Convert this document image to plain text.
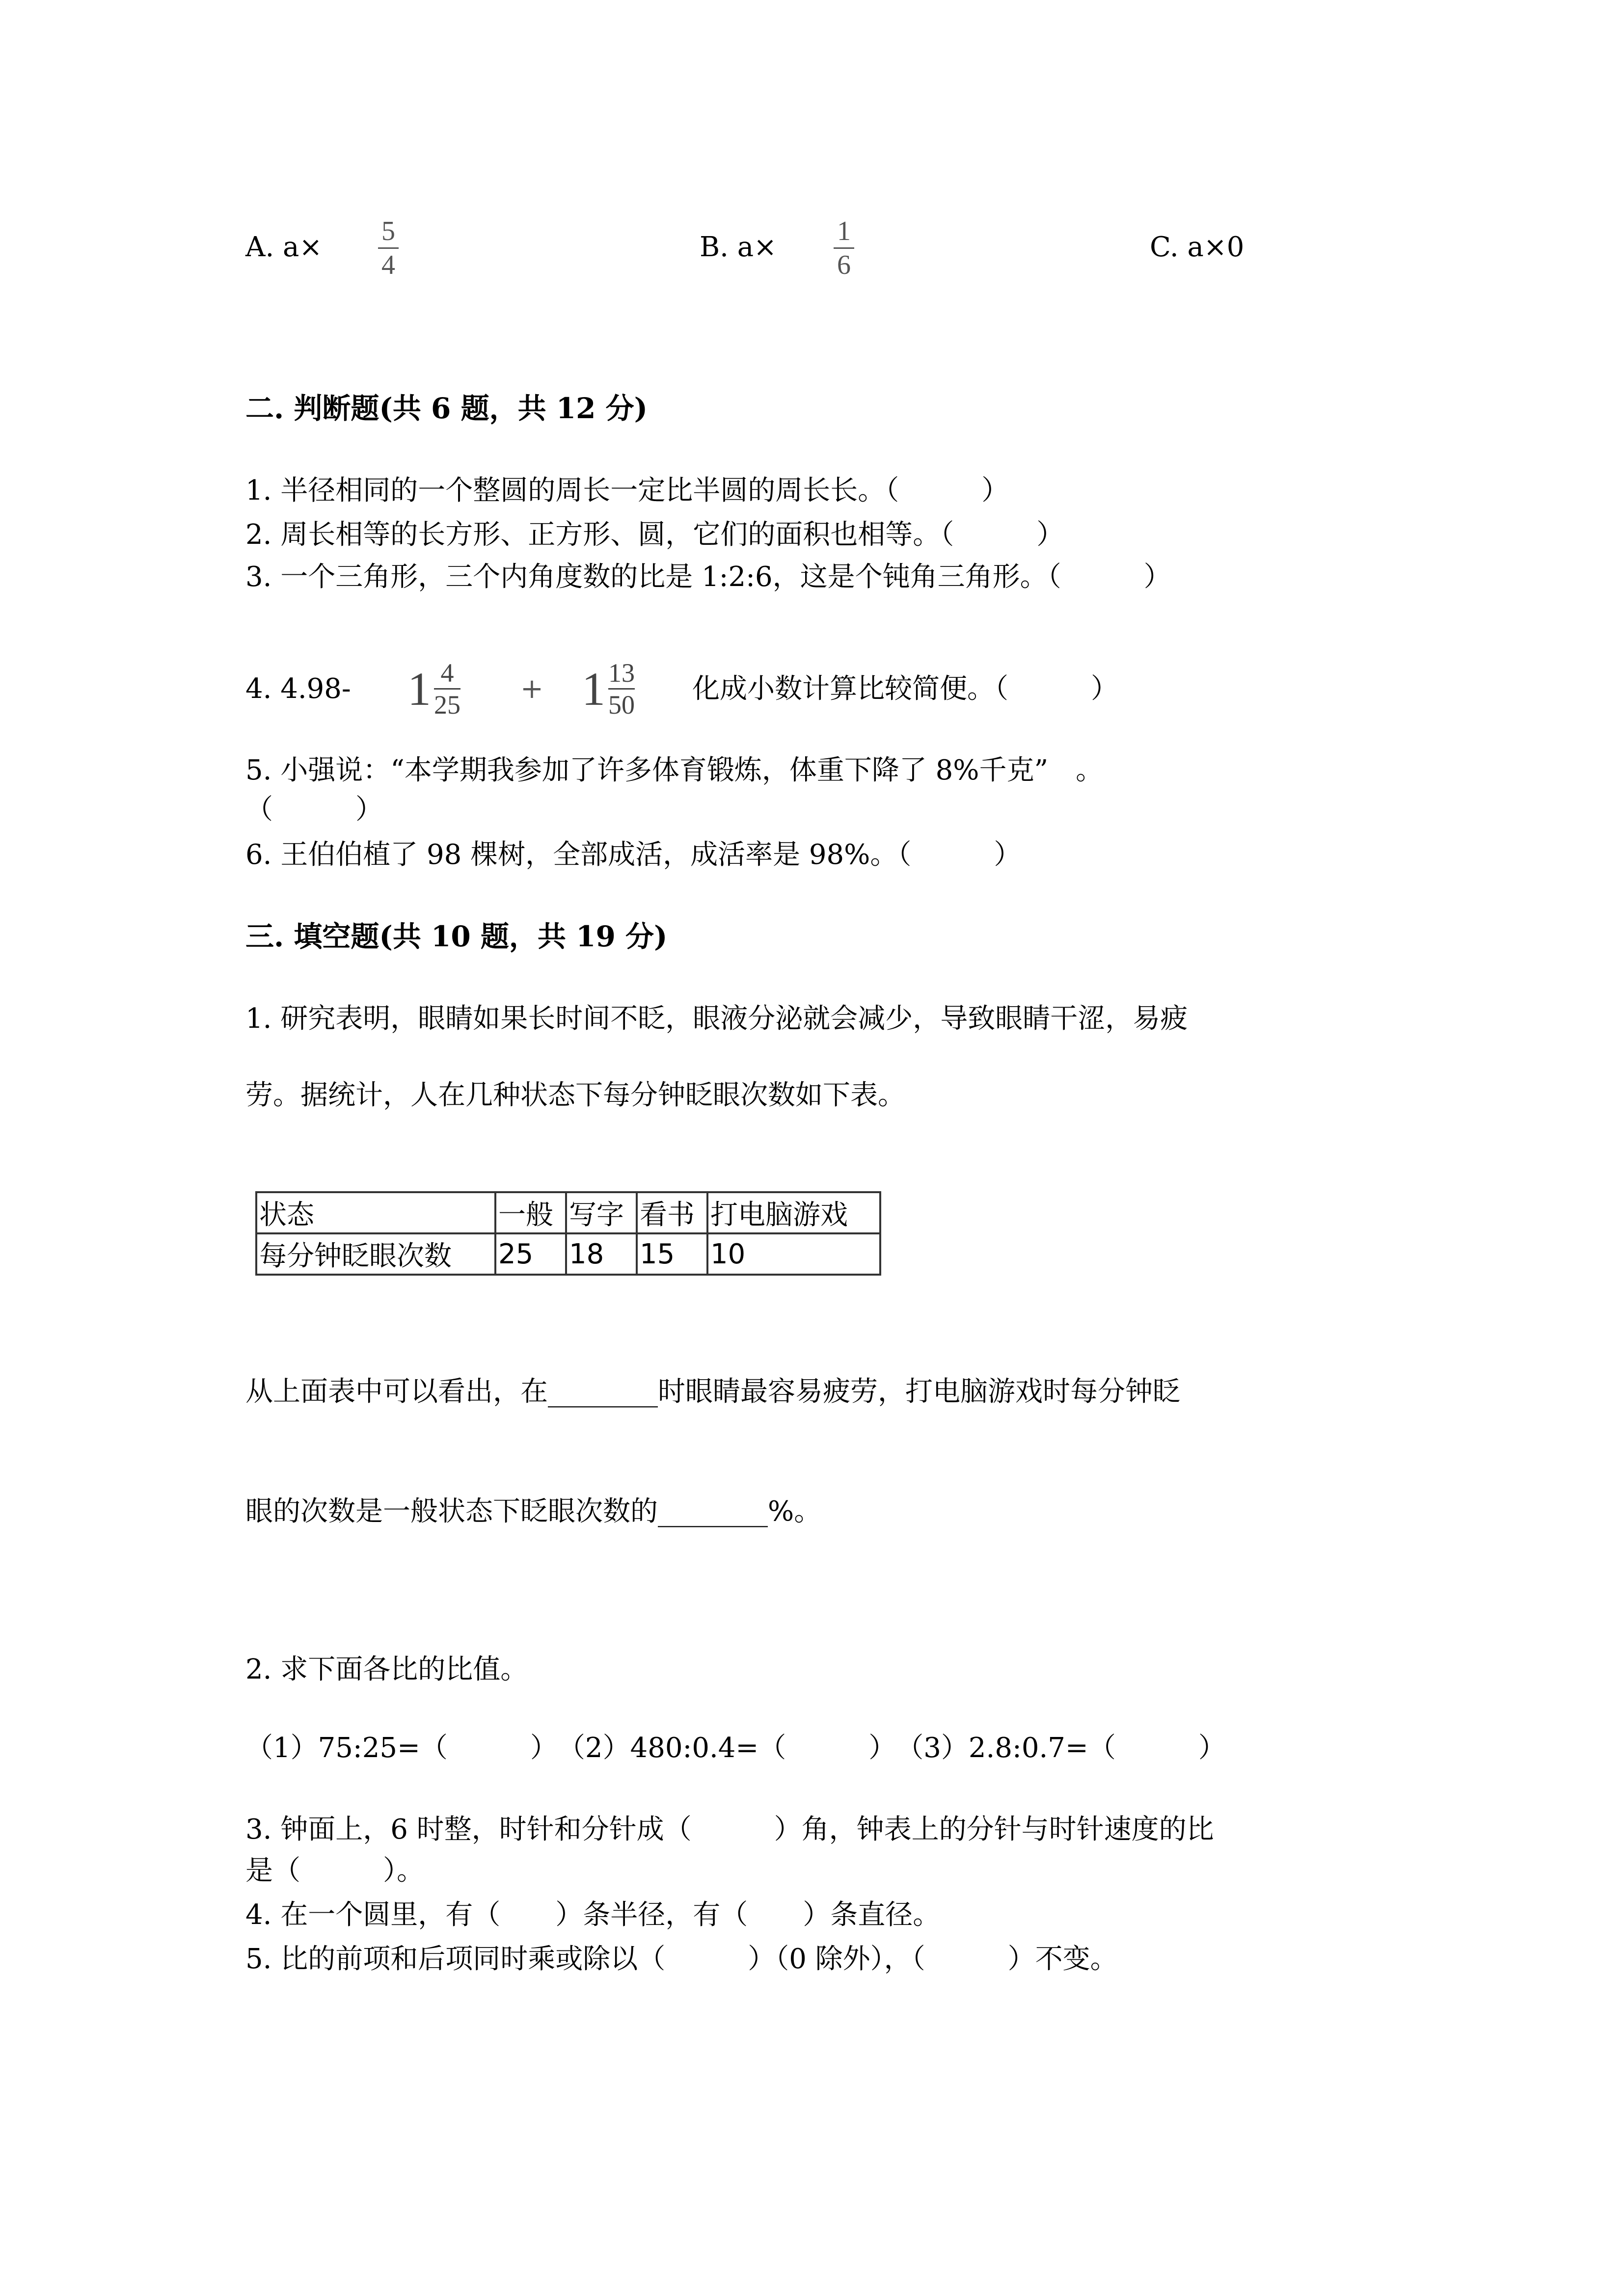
A. a× 5
4
B. a× 1
6
C. a×0
二. 判断题(共 6 题，共 12 分)
1. 半径相同的一个整圆的周长一定比半圆的周长长。（　　　）
2. 周长相等的长方形、正方形、圆，它们的面积也相等。（　　　）
3. 一个三角形，三个内角度数的比是 1:2:6，这是个钝角三角形。（　　　）
4. 4.98- $1 \frac{4}{25} + 1 \frac{13}{50}$ 化成小数计算比较简便。（　　　）
5. 小强说：“本学期我参加了许多体育锻炼，体重下降了 8%千克”　。
（　　　）
6. 王伯伯植了 98 棵树，全部成活，成活率是 98%。（　　　）
三. 填空题(共 10 题，共 19 分)
1. 研究表明，眼睛如果长时间不眨，眼液分泌就会减少，导致眼睛干涩，易疲
劳。据统计，人在几种状态下每分钟眨眼次数如下表。
状态	一般	写字	看书	打电脑游戏
每分钟眨眼次数	25	18	15	10
从上面表中可以看出，在________时眼睛最容易疲劳，打电脑游戏时每分钟眨
眼的次数是一般状态下眨眼次数的________%。
2. 求下面各比的比值。
（1）75:25=（　　　）　（2）480:0.4=（　　　）　（3）2.8:0.7=（　　　）
3. 钟面上，6 时整，时针和分针成（　　　）角，钟表上的分针与时针速度的比
是（　　　）。
4. 在一个圆里，有（　　）条半径，有（　　）条直径。
5. 比的前项和后项同时乘或除以（　　　）（0 除外），（　　　）不变。
